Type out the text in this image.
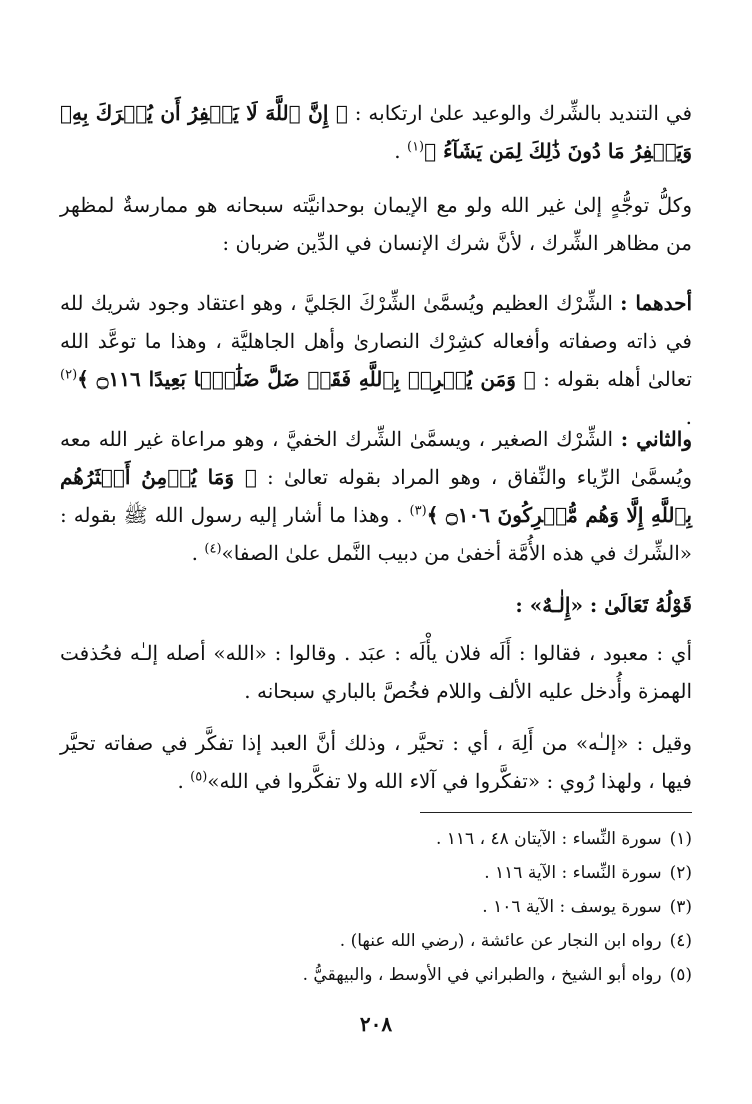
في التنديد بالشِّرك والوعيد علىٰ ارتكابه : ﴿ إِنَّ ٱللَّهَ لَا يَغۡفِرُ أَن يُشۡرَكَ بِهِۦ وَيَغۡفِرُ مَا دُونَ ذَٰلِكَ لِمَن يَشَآءُ ﴾$^{(١)}$ .
وكلُّ توجُّهٍ إلىٰ غير الله ولو مع الإيمان بوحدانيَّته سبحانه هو ممارسةٌ لمظهر من مظاهر الشِّرك ، لأنَّ شرك الإنسان في الدِّين ضربان :
أحدهما : الشِّرْك العظيم ويُسمَّىٰ الشِّرْكَ الجَليَّ ، وهو اعتقاد وجود شريك لله في ذاته وصفاته وأفعاله كشِرْك النصارىٰ وأهل الجاهليَّة ، وهذا ما توعَّد الله تعالىٰ أهله بقوله : ﴿ وَمَن يُشۡرِكۡ بِٱللَّهِ فَقَدۡ ضَلَّ ضَلَٰلَۢا بَعِيدًا ۝١١٦ ﴾$^{(٢)}$ .
والثاني : الشِّرْك الصغير ، ويسمَّىٰ الشِّرك الخفيَّ ، وهو مراعاة غير الله معه ويُسمَّىٰ الرِّياء والنِّفاق ، وهو المراد بقوله تعالىٰ : ﴿ وَمَا يُؤۡمِنُ أَكۡثَرُهُم بِٱللَّهِ إِلَّا وَهُم مُّشۡرِكُونَ ۝١٠٦ ﴾$^{(٣)}$ . وهذا ما أشار إليه رسول الله ﷺ بقوله : «الشِّرك في هذه الأُمَّة أخفىٰ من دبيب النَّمل علىٰ الصفا»$^{(٤)}$ .
قَوْلُهُ تَعَالَىٰ : «إِلٰـهٌ» :
أي : معبود ، فقالوا : أَلَه فلان يأْلَه : عبَد . وقالوا : «الله» أصله إلـٰه فحُذفت الهمزة وأُدخل عليه الألف واللام فخُصَّ بالباري سبحانه .
وقيل : «إلـٰه» من أَلِهَ ، أي : تحيَّر ، وذلك أنَّ العبد إذا تفكَّر في صفاته تحيَّر فيها ، ولهذا رُوي : «تفكَّروا في آلاء الله ولا تفكَّروا في الله»$^{(٥)}$ .
(١)سورة النِّساء : الآيتان ٤٨ ، ١١٦ .
(٢)سورة النِّساء : الآية ١١٦ .
(٣)سورة يوسف : الآية ١٠٦ .
(٤)رواه ابن النجار عن عائشة ، (رضي الله عنها) .
(٥)رواه أبو الشيخ ، والطبراني في الأوسط ، والبيهقيُّ .
٢٠٨
